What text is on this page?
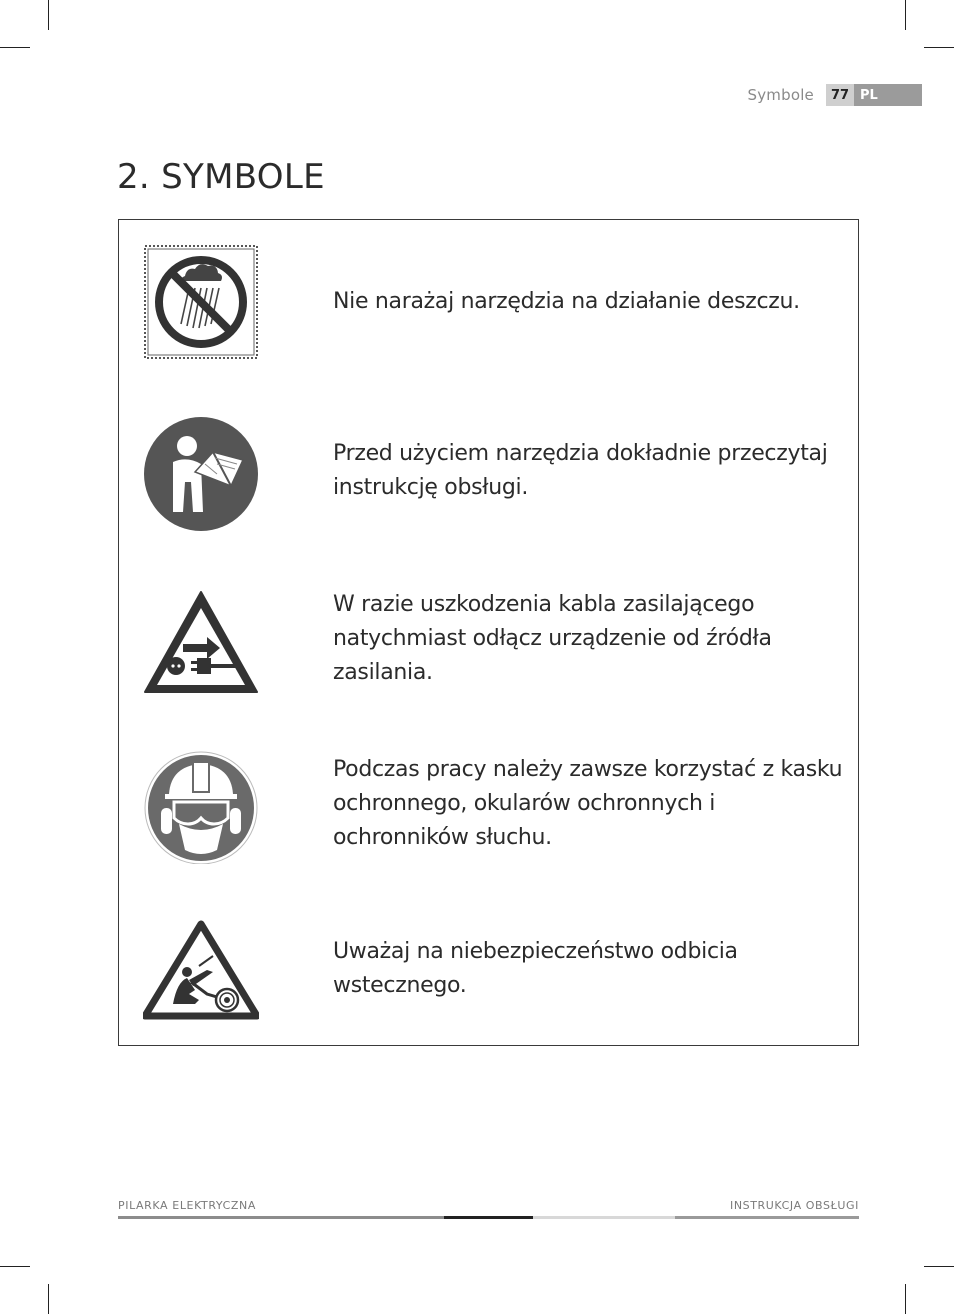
Symbole	77 PL
2. SYMBOLE

Nie narażaj narzędzia na działanie deszczu.

Przed użyciem narzędzia dokładnie przeczytaj instrukcję obsługi.

W razie uszkodzenia kabla zasilającego natychmiast odłącz urządzenie od źródła zasilania.

Podczas pracy należy zawsze korzystać z kasku ochronnego, okularów ochronnych i ochronników słuchu.

Uważaj na niebezpieczeństwo odbicia wstecznego.

PILARKA ELEKTRYCZNA	INSTRUKCJA OBSŁUGI
